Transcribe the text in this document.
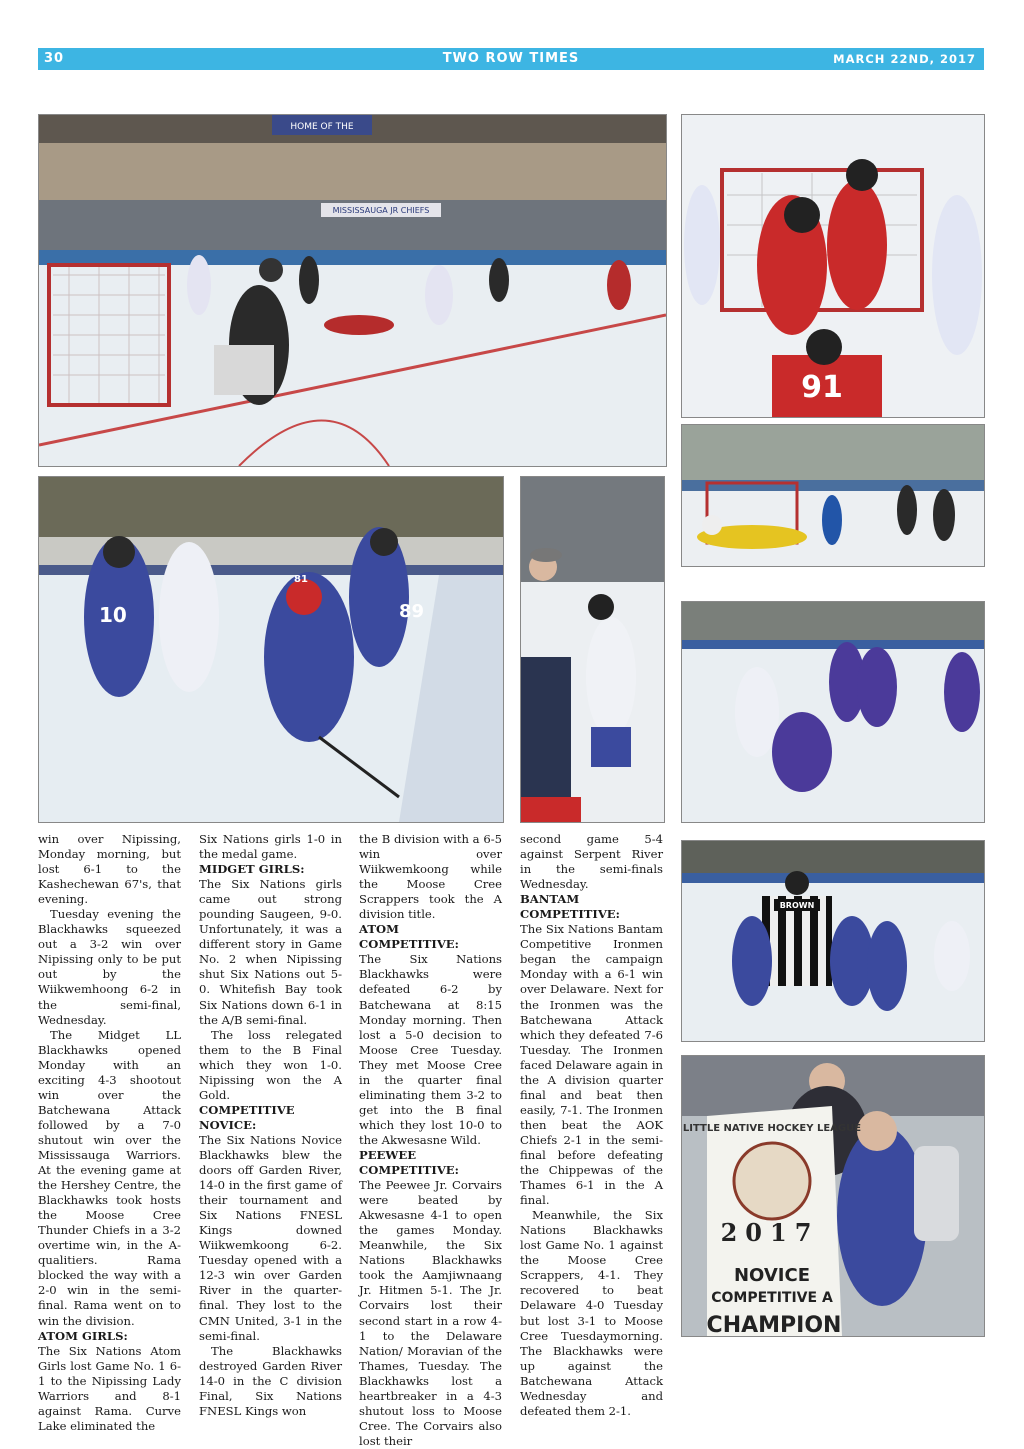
30	TWO ROW TIMES	MARCH 22ND, 2017
HOME OF THE
MISSISSAUGA JR CHIEFS
91
10
81
89
BROWN
LITTLE NATIVE HOCKEY LEAGUE
2017
NOVICE
COMPETITIVE A
CHAMPION

win over Nipissing, Monday morning, but lost 6-1 to the Kashechewan 67's, that evening.

Tuesday evening the Blackhawks squeezed out a 3-2 win over Nipissing only to be put out by the Wiikwemhoong 6-2 in the semi-final, Wednesday.

The Midget LL Blackhawks opened Monday with an exciting 4-3 shootout win over the Batchewana Attack followed by a 7-0 shutout win over the Mississauga Warriors. At the evening game at the Hershey Centre, the Blackhawks took hosts the Moose Cree Thunder Chiefs in a 3-2 overtime win, in the A- qualitiers. Rama blocked the way with a 2-0 win in the semi-final. Rama went on to win the division.

ATOM GIRLS:

The Six Nations Atom Girls lost Game No. 1 6-1 to the Nipissing Lady Warriors and 8-1 against Rama. Curve Lake eliminated the

Six Nations girls 1-0 in the medal game.

MIDGET GIRLS:

The Six Nations girls came out strong pounding Saugeen, 9-0. Unfortunately, it was a different story in Game No. 2 when Nipissing shut Six Nations out 5-0. Whitefish Bay took Six Nations down 6-1 in the A/B semi-final.

The loss relegated them to the B Final which they won 1-0. Nipissing won the A Gold.

COMPETITIVE NOVICE:

The Six Nations Novice Blackhawks blew the doors off Garden River, 14-0 in the first game of their tournament and Six Nations FNESL Kings downed Wiikwemkoong 6-2. Tuesday opened with a 12-3 win over Garden River in the quarter-final. They lost to the CMN United, 3-1 in the semi-final.

The Blackhawks destroyed Garden River 14-0 in the C division Final, Six Nations FNESL Kings won

the B division with a 6-5 win over Wiikwemkoong while the Moose Cree Scrappers took the A division title.

ATOM COMPETITIVE:

The Six Nations Blackhawks were defeated 6-2 by Batchewana at 8:15 Monday morning. Then lost a 5-0 decision to Moose Cree Tuesday. They met Moose Cree in the quarter final eliminating them 3-2 to get into the B final which they lost 10-0 to the Akwesasne Wild.

PEEWEE COMPETITIVE:

The Peewee Jr. Corvairs were beated by Akwesasne 4-1 to open the games Monday. Meanwhile, the Six Nations Blackhawks took the Aamjiwnaang Jr. Hitmen 5-1. The Jr. Corvairs lost their second start in a row 4-1 to the Delaware Nation/ Moravian of the Thames, Tuesday. The Blackhawks lost a heartbreaker in a 4-3 shutout loss to Moose Cree. The Corvairs also lost their

second game 5-4 against Serpent River in the semi-finals Wednesday.

BANTAM COMPETITIVE:

The Six Nations Bantam Competitive Ironmen began the campaign Monday with a 6-1 win over Delaware. Next for the Ironmen was the Batchewana Attack which they defeated 7-6 Tuesday. The Ironmen faced Delaware again in the A division quarter final and beat then easily, 7-1. The Ironmen then beat the AOK Chiefs 2-1 in the semi-final before defeating the Chippewas of the Thames 6-1 in the A final.

Meanwhile, the Six Nations Blackhawks lost Game No. 1 against the Moose Cree Scrappers, 4-1. They recovered to beat Delaware 4-0 Tuesday but lost 3-1 to Moose Cree Tuesdaymorning. The Blackhawks were up against the Batchewana Attack Wednesday and defeated them 2-1.
